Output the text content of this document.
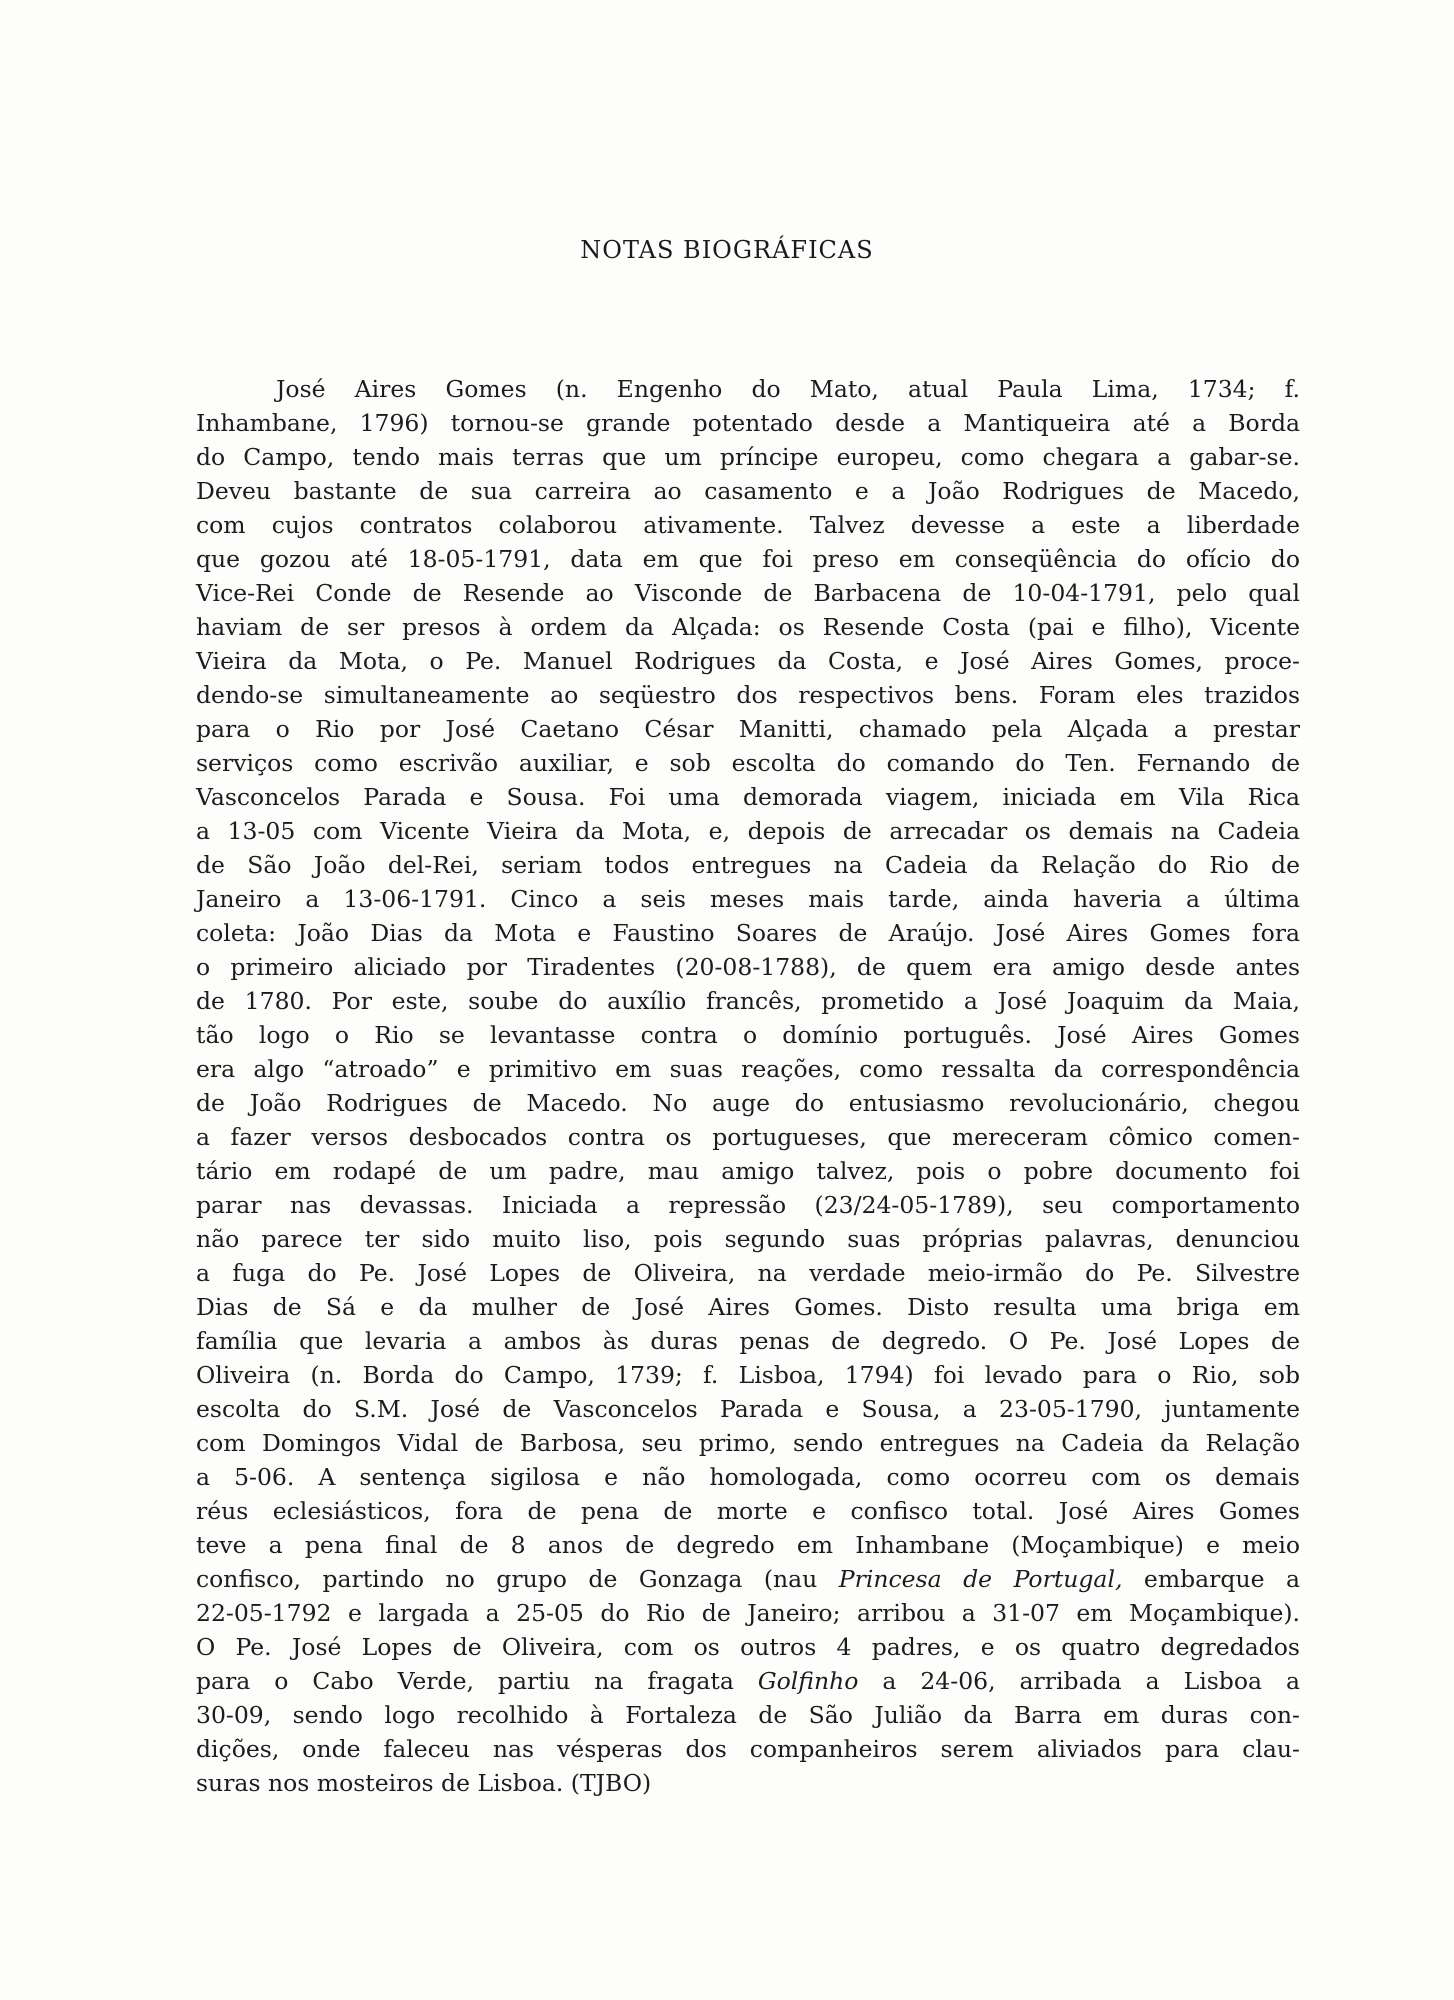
NOTAS BIOGRÁFICAS
José Aires Gomes (n. Engenho do Mato, atual Paula Lima, 1734; f.
Inhambane, 1796) tornou-se grande potentado desde a Mantiqueira até a Borda
do Campo, tendo mais terras que um príncipe europeu, como chegara a gabar-se.
Deveu bastante de sua carreira ao casamento e a João Rodrigues de Macedo,
com cujos contratos colaborou ativamente. Talvez devesse a este a liberdade
que gozou até 18-05-1791, data em que foi preso em conseqüência do ofício do
Vice-Rei Conde de Resende ao Visconde de Barbacena de 10-04-1791, pelo qual
haviam de ser presos à ordem da Alçada: os Resende Costa (pai e filho), Vicente
Vieira da Mota, o Pe. Manuel Rodrigues da Costa, e José Aires Gomes, proce-
dendo-se simultaneamente ao seqüestro dos respectivos bens. Foram eles trazidos
para o Rio por José Caetano César Manitti, chamado pela Alçada a prestar
serviços como escrivão auxiliar, e sob escolta do comando do Ten. Fernando de
Vasconcelos Parada e Sousa. Foi uma demorada viagem, iniciada em Vila Rica
a 13-05 com Vicente Vieira da Mota, e, depois de arrecadar os demais na Cadeia
de São João del-Rei, seriam todos entregues na Cadeia da Relação do Rio de
Janeiro a 13-06-1791. Cinco a seis meses mais tarde, ainda haveria a última
coleta: João Dias da Mota e Faustino Soares de Araújo. José Aires Gomes fora
o primeiro aliciado por Tiradentes (20-08-1788), de quem era amigo desde antes
de 1780. Por este, soube do auxílio francês, prometido a José Joaquim da Maia,
tão logo o Rio se levantasse contra o domínio português. José Aires Gomes
era algo “atroado” e primitivo em suas reações, como ressalta da correspondência
de João Rodrigues de Macedo. No auge do entusiasmo revolucionário, chegou
a fazer versos desbocados contra os portugueses, que mereceram cômico comen-
tário em rodapé de um padre, mau amigo talvez, pois o pobre documento foi
parar nas devassas. Iniciada a repressão (23/24-05-1789), seu comportamento
não parece ter sido muito liso, pois segundo suas próprias palavras, denunciou
a fuga do Pe. José Lopes de Oliveira, na verdade meio-irmão do Pe. Silvestre
Dias de Sá e da mulher de José Aires Gomes. Disto resulta uma briga em
família que levaria a ambos às duras penas de degredo. O Pe. José Lopes de
Oliveira (n. Borda do Campo, 1739; f. Lisboa, 1794) foi levado para o Rio, sob
escolta do S.M. José de Vasconcelos Parada e Sousa, a 23-05-1790, juntamente
com Domingos Vidal de Barbosa, seu primo, sendo entregues na Cadeia da Relação
a 5-06. A sentença sigilosa e não homologada, como ocorreu com os demais
réus eclesiásticos, fora de pena de morte e confisco total. José Aires Gomes
teve a pena final de 8 anos de degredo em Inhambane (Moçambique) e meio
confisco, partindo no grupo de Gonzaga (nau Princesa de Portugal, embarque a
22-05-1792 e largada a 25-05 do Rio de Janeiro; arribou a 31-07 em Moçambique).
O Pe. José Lopes de Oliveira, com os outros 4 padres, e os quatro degredados
para o Cabo Verde, partiu na fragata Golfinho a 24-06, arribada a Lisboa a
30-09, sendo logo recolhido à Fortaleza de São Julião da Barra em duras con-
dições, onde faleceu nas vésperas dos companheiros serem aliviados para clau-
suras nos mosteiros de Lisboa. (TJBO)
